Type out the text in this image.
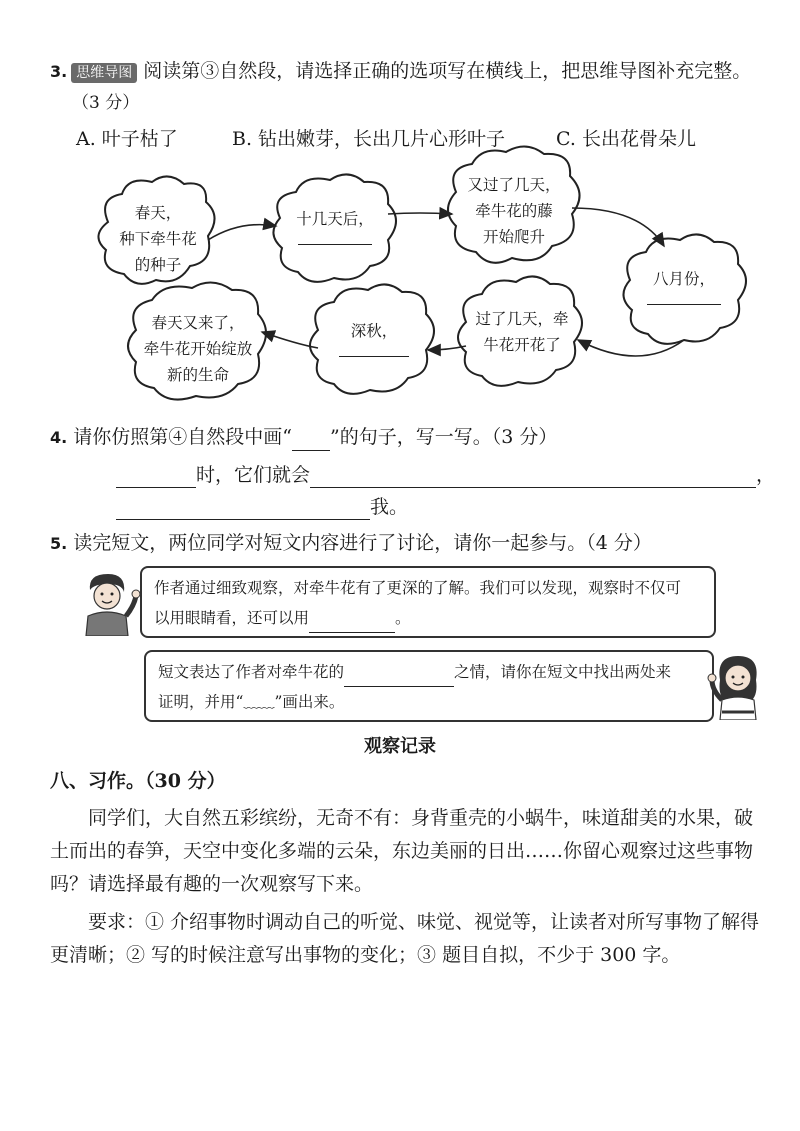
3. 思维导图 阅读第③自然段，请选择正确的选项写在横线上，把思维导图补充完整。
（3 分）
A. 叶子枯了	B. 钻出嫩芽，长出几片心形叶子	C. 长出花骨朵儿
春天，
种下牵牛花
的种子
十几天后，
又过了几天，
牵牛花的藤
开始爬升
八月份，
过了几天，牵
牛花开花了
深秋，
春天又来了，
牵牛花开始绽放
新的生命
4. 请你仿照第④自然段中画“ ”的句子，写一写。（3 分）
时，它们就会	，
我。
5. 读完短文，两位同学对短文内容进行了讨论，请你一起参与。（4 分）
作者通过细致观察，对牵牛花有了更深的了解。我们可以发现，观察时不仅可
以用眼睛看，还可以用	。
短文表达了作者对牵牛花的	之情，请你在短文中找出两处来
证明，并用“﹏﹏”画出来。
观察记录
八、习作。（30 分）
同学们，大自然五彩缤纷，无奇不有：身背重壳的小蜗牛，味道甜美的水果，破土而出的春笋，天空中变化多端的云朵，东边美丽的日出……你留心观察过这些事物吗？请选择最有趣的一次观察写下来。
要求：① 介绍事物时调动自己的听觉、味觉、视觉等，让读者对所写事物了解得更清晰；② 写的时候注意写出事物的变化；③ 题目自拟，不少于 300 字。
